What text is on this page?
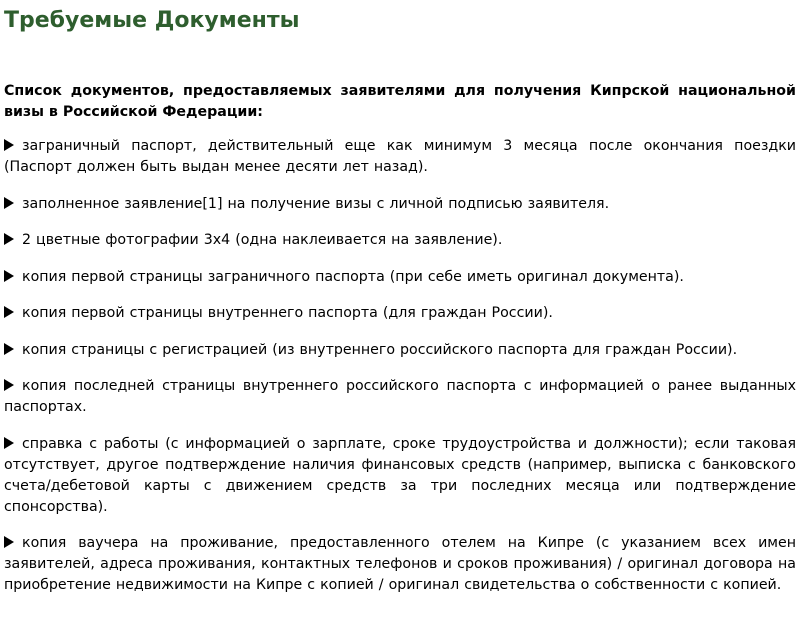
Требуемые Документы

Список документов, предоставляемых заявителями для получения Кипрской национальной визы в Российской Федерации:

заграничный паспорт, действительный еще как минимум 3 месяца после окончания поездки (Паспорт должен быть выдан менее десяти лет назад).
заполненное заявление[1] на получение визы с личной подписью заявителя.
2 цветные фотографии 3x4 (одна наклеивается на заявление).
копия первой страницы заграничного паспорта (при себе иметь оригинал документа).
копия первой страницы внутреннего паспорта (для граждан России).
копия страницы с регистрацией (из внутреннего российского паспорта для граждан России).
копия последней страницы внутреннего российского паспорта с информацией о ранее выданных паспортах.
справка с работы (с информацией о зарплате, сроке трудоустройства и должности); если таковая отсутствует, другое подтверждение наличия финансовых средств (например, выписка с банковского счета/дебетовой карты с движением средств за три последних месяца или подтверждение спонсорства).
копия ваучера на проживание, предоставленного отелем на Кипре (с указанием всех имен заявителей, адреса проживания, контактных телефонов и сроков проживания) / оригинал договора на приобретение недвижимости на Кипре с копией / оригинал свидетельства о собственности с копией.
